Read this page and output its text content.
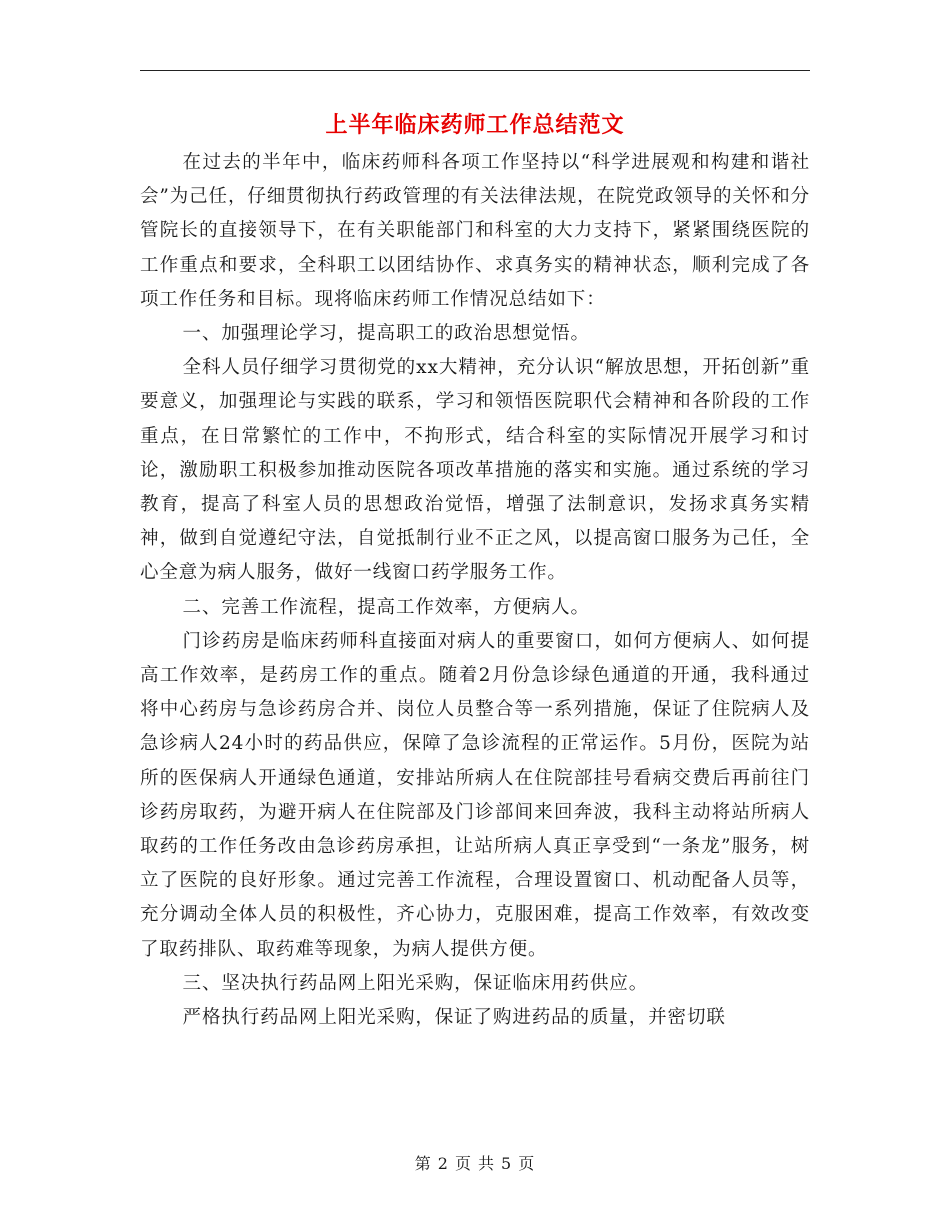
上半年临床药师工作总结范文

在过去的半年中，临床药师科各项工作坚持以“科学进展观和构建和谐社会”为己任，仔细贯彻执行药政管理的有关法律法规，在院党政领导的关怀和分管院长的直接领导下，在有关职能部门和科室的大力支持下，紧紧围绕医院的工作重点和要求，全科职工以团结协作、求真务实的精神状态，顺利完成了各项工作任务和目标。现将临床药师工作情况总结如下：

一、加强理论学习，提高职工的政治思想觉悟。

全科人员仔细学习贯彻党的xx大精神，充分认识“解放思想，开拓创新”重要意义，加强理论与实践的联系，学习和领悟医院职代会精神和各阶段的工作重点，在日常繁忙的工作中，不拘形式，结合科室的实际情况开展学习和讨论，激励职工积极参加推动医院各项改革措施的落实和实施。通过系统的学习教育，提高了科室人员的思想政治觉悟，增强了法制意识，发扬求真务实精神，做到自觉遵纪守法，自觉抵制行业不正之风，以提高窗口服务为己任，全心全意为病人服务，做好一线窗口药学服务工作。

二、完善工作流程，提高工作效率，方便病人。

门诊药房是临床药师科直接面对病人的重要窗口，如何方便病人、如何提高工作效率，是药房工作的重点。随着2月份急诊绿色通道的开通，我科通过将中心药房与急诊药房合并、岗位人员整合等一系列措施，保证了住院病人及急诊病人24小时的药品供应，保障了急诊流程的正常运作。5月份，医院为站所的医保病人开通绿色通道，安排站所病人在住院部挂号看病交费后再前往门诊药房取药，为避开病人在住院部及门诊部间来回奔波，我科主动将站所病人取药的工作任务改由急诊药房承担，让站所病人真正享受到“一条龙”服务，树立了医院的良好形象。通过完善工作流程，合理设置窗口、机动配备人员等，充分调动全体人员的积极性，齐心协力，克服困难，提高工作效率，有效改变了取药排队、取药难等现象，为病人提供方便。

三、坚决执行药品网上阳光采购，保证临床用药供应。

严格执行药品网上阳光采购，保证了购进药品的质量，并密切联

第 2 页 共 5 页
